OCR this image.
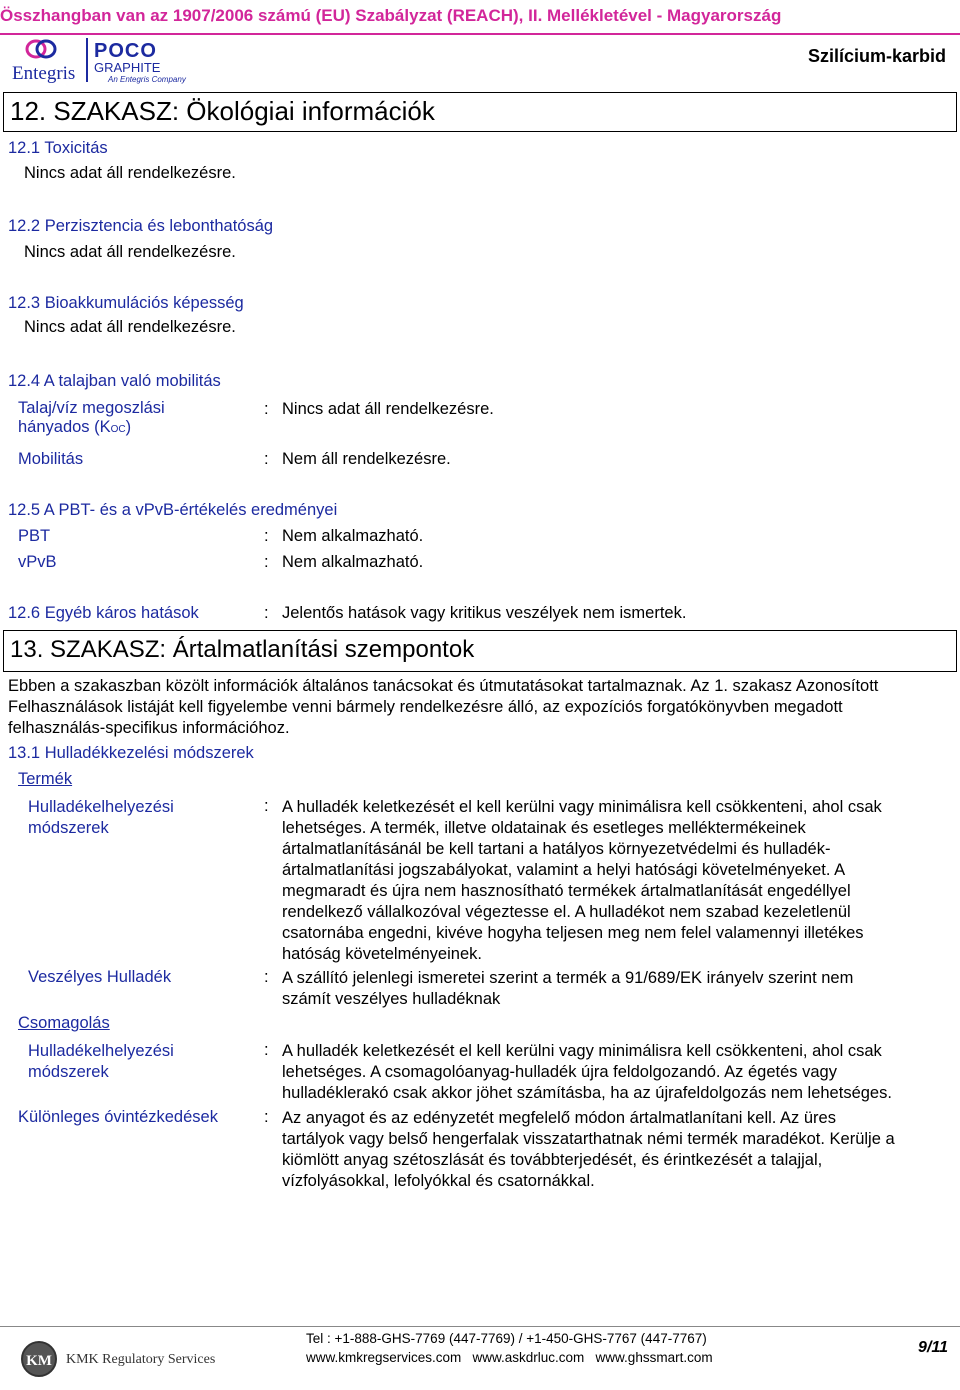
Összhangban van az 1907/2006 számú (EU) Szabályzat (REACH), II. Mellékletével - Magyarország
Entegris
POCO
GRAPHITE
An Entegris Company
Szilícium-karbid
12. SZAKASZ: Ökológiai információk
12.1 Toxicitás
Nincs adat áll rendelkezésre.
12.2 Perzisztencia és lebonthatóság
Nincs adat áll rendelkezésre.
12.3 Bioakkumulációs képesség
Nincs adat áll rendelkezésre.
12.4 A talajban való mobilitás
Talaj/víz megoszlási
hányados (KOC)
: Nincs adat áll rendelkezésre.
Mobilitás	: Nem áll rendelkezésre.
12.5 A PBT- és a vPvB-értékelés eredményei
PBT	: Nem alkalmazható.
vPvB	: Nem alkalmazható.
12.6 Egyéb káros hatások	: Jelentős hatások vagy kritikus veszélyek nem ismertek.
13. SZAKASZ: Ártalmatlanítási szempontok
Ebben a szakaszban közölt információk általános tanácsokat és útmutatásokat tartalmaznak. Az 1. szakasz Azonosított
Felhasználások listáját kell figyelembe venni bármely rendelkezésre álló, az expozíciós forgatókönyvben megadott
felhasználás-specifikus információhoz.
13.1 Hulladékkezelési módszerek
Termék
Hulladékelhelyezési
módszerek
: A hulladék keletkezését el kell kerülni vagy minimálisra kell csökkenteni, ahol csak
lehetséges. A termék, illetve oldatainak és esetleges melléktermékeinek
ártalmatlanításánál be kell tartani a hatályos környezetvédelmi és hulladék-
ártalmatlanítási jogszabályokat, valamint a helyi hatósági követelményeket. A
megmaradt és újra nem hasznosítható termékek ártalmatlanítását engedéllyel
rendelkező vállalkozóval végeztesse el. A hulladékot nem szabad kezeletlenül
csatornába engedni, kivéve hogyha teljesen meg nem felel valamennyi illetékes
hatóság követelményeinek.
Veszélyes Hulladék	: A szállító jelenlegi ismeretei szerint a termék a 91/689/EK irányelv szerint nem
számít veszélyes hulladéknak
Csomagolás
Hulladékelhelyezési
módszerek
: A hulladék keletkezését el kell kerülni vagy minimálisra kell csökkenteni, ahol csak
lehetséges. A csomagolóanyag-hulladék újra feldolgozandó. Az égetés vagy
hulladéklerakó csak akkor jöhet számításba, ha az újrafeldolgozás nem lehetséges.
Különleges óvintézkedések	: Az anyagot és az edényzetét megfelelő módon ártalmatlanítani kell. Az üres
tartályok vagy belső hengerfalak visszatarthatnak némi termék maradékot. Kerülje a
kiömlött anyag szétoszlását és továbbterjedését, és érintkezését a talajjal,
vízfolyásokkal, lefolyókkal és csatornákkal.
KM KMK Regulatory Services
Tel : +1-888-GHS-7769 (447-7769) / +1-450-GHS-7767 (447-7767)
www.kmkregservices.com   www.askdrluc.com   www.ghssmart.com
9/11
